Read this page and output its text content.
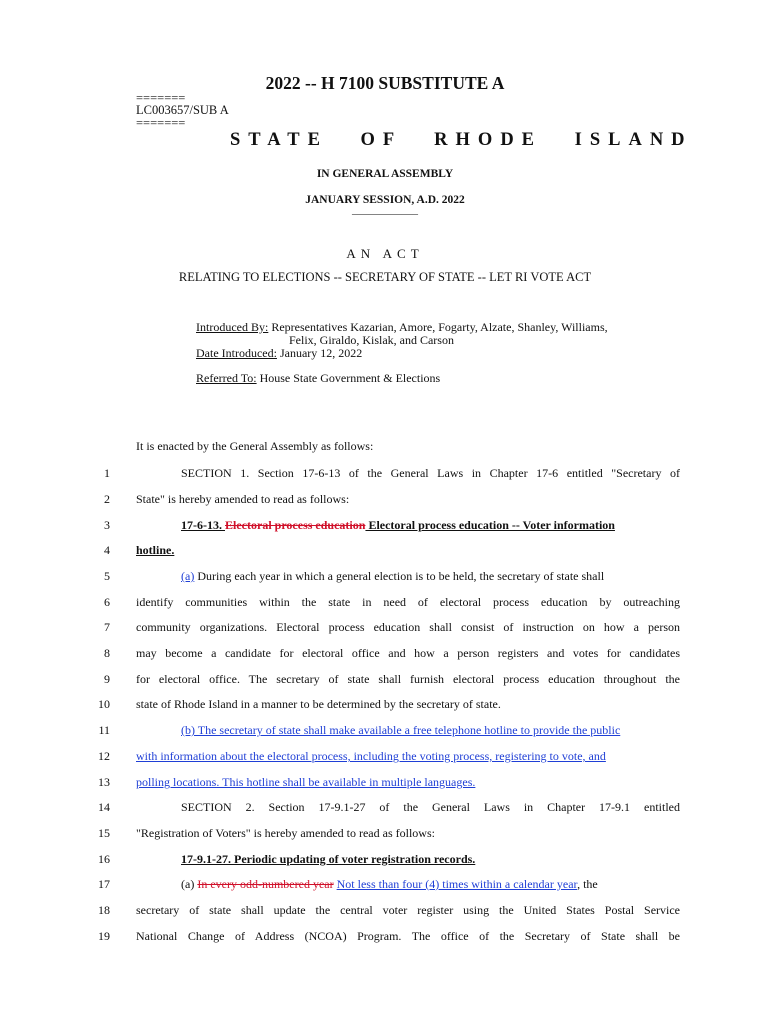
2022 -- H 7100 SUBSTITUTE A
=======
LC003657/SUB A
=======
STATE OF RHODE ISLAND
IN GENERAL ASSEMBLY
JANUARY SESSION, A.D. 2022
____________
AN ACT
RELATING TO ELECTIONS -- SECRETARY OF STATE -- LET RI VOTE ACT
Introduced By: Representatives Kazarian, Amore, Fogarty, Alzate, Shanley, Williams,
Felix, Giraldo, Kislak, and Carson
Date Introduced: January 12, 2022
Referred To: House State Government & Elections
It is enacted by the General Assembly as follows:
1
2
3
4
5
6
7
8
9
10
11
12
13
14
15
16
17
18
19
SECTION 1. Section 17-6-13 of the General Laws in Chapter 17-6 entitled "Secretary of
State" is hereby amended to read as follows:
17-6-13. Electoral process education Electoral process education -- Voter information
hotline.
(a) During each year in which a general election is to be held, the secretary of state shall
identify communities within the state in need of electoral process education by outreaching
community organizations. Electoral process education shall consist of instruction on how a person
may become a candidate for electoral office and how a person registers and votes for candidates
for electoral office. The secretary of state shall furnish electoral process education throughout the
state of Rhode Island in a manner to be determined by the secretary of state.
(b) The secretary of state shall make available a free telephone hotline to provide the public
with information about the electoral process, including the voting process, registering to vote, and
polling locations. This hotline shall be available in multiple languages.
SECTION 2. Section 17-9.1-27 of the General Laws in Chapter 17-9.1 entitled
"Registration of Voters" is hereby amended to read as follows:
17-9.1-27. Periodic updating of voter registration records.
(a) In every odd-numbered year Not less than four (4) times within a calendar year, the
secretary of state shall update the central voter register using the United States Postal Service
National Change of Address (NCOA) Program. The office of the Secretary of State shall be
